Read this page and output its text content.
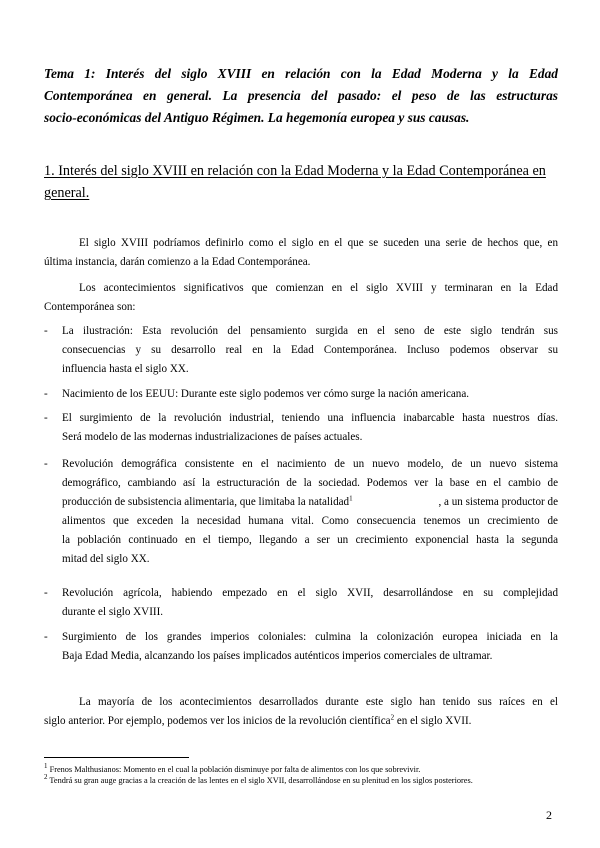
Tema 1: Interés del siglo XVIII en relación con la Edad Moderna y la Edad
Contemporánea en general. La presencia del pasado: el peso de las estructuras
socio-económicas del Antiguo Régimen. La hegemonía europea y sus causas.
1. Interés del siglo XVIII en relación con la Edad Moderna y la Edad Contemporánea en
general.
El siglo XVIII podríamos definirlo como el siglo en el que se suceden una serie de hechos que, en
última instancia, darán comienzo a la Edad Contemporánea.
Los acontecimientos significativos que comienzan en el siglo XVIII y terminaran en la Edad
Contemporánea son:
- La ilustración: Esta revolución del pensamiento surgida en el seno de este siglo tendrán sus
consecuencias y su desarrollo real en la Edad Contemporánea. Incluso podemos observar su
influencia hasta el siglo XX.
- Nacimiento de los EEUU: Durante este siglo podemos ver cómo surge la nación americana.
- El surgimiento de la revolución industrial, teniendo una influencia inabarcable hasta nuestros días.
Será modelo de las modernas industrializaciones de países actuales.
- Revolución demográfica consistente en el nacimiento de un nuevo modelo, de un nuevo sistema
demográfico, cambiando así la estructuración de la sociedad. Podemos ver la base en el cambio de
producción de subsistencia alimentaria, que limitaba la natalidad$^1$	, a un sistema productor de
alimentos que exceden la necesidad humana vital. Como consecuencia tenemos un crecimiento de
la población continuado en el tiempo, llegando a ser un crecimiento exponencial hasta la segunda
mitad del siglo XX.
- Revolución agrícola, habiendo empezado en el siglo XVII, desarrollándose en su complejidad
durante el siglo XVIII.
- Surgimiento de los grandes imperios coloniales: culmina la colonización europea iniciada en la
Baja Edad Media, alcanzando los países implicados auténticos imperios comerciales de ultramar.
La mayoría de los acontecimientos desarrollados durante este siglo han tenido sus raíces en el
siglo anterior. Por ejemplo, podemos ver los inicios de la revolución científica$^2$ en el siglo XVII.
$^1$ Frenos Malthusianos: Momento en el cual la población disminuye por falta de alimentos con los que sobrevivir.
$^2$ Tendrá su gran auge gracias a la creación de las lentes en el siglo XVII, desarrollándose en su plenitud en los siglos posteriores.
2
